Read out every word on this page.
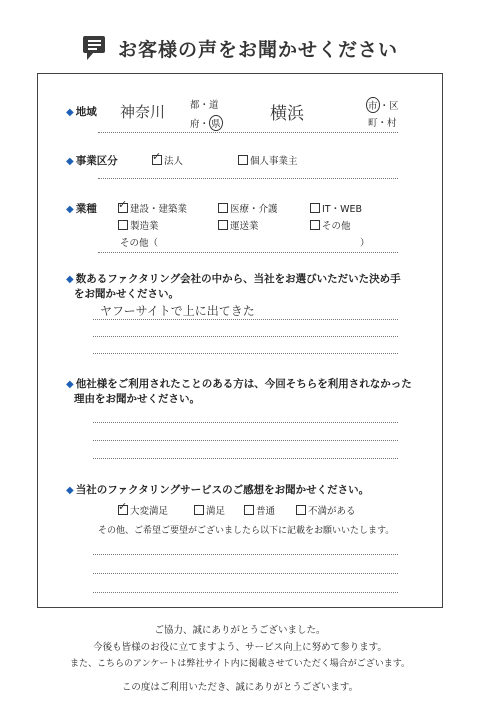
お客様の声をお聞かせください
◆ 地域 神奈川	都・道
府・ 県
横浜	市 ・区
町・村
◆ 事業区分 ✓	法人	個人事業主
◆ 業種 ✓	建設・建築業	医療・介護	IT・WEB
製造業	運送業	その他
その他（	）
◆ 数あるファクタリング会社の中から、当社をお選びいただいた決め手
をお聞かせください。
ヤフーサイトで上に出てきた
◆ 他社様をご利用されたことのある方は、今回そちらを利用されなかった
理由をお聞かせください。
◆ 当社のファクタリングサービスのご感想をお聞かせください。
✓大変満足	満足	普通	不満がある
その他、ご希望ご要望がございましたら以下に記載をお願いいたします。
ご協力、誠にありがとうございました。
今後も皆様のお役に立てますよう、サービス向上に努めて参ります。
また、こちらのアンケートは弊社サイト内に掲載させていただく場合がございます。
この度はご利用いただき、誠にありがとうございます。
